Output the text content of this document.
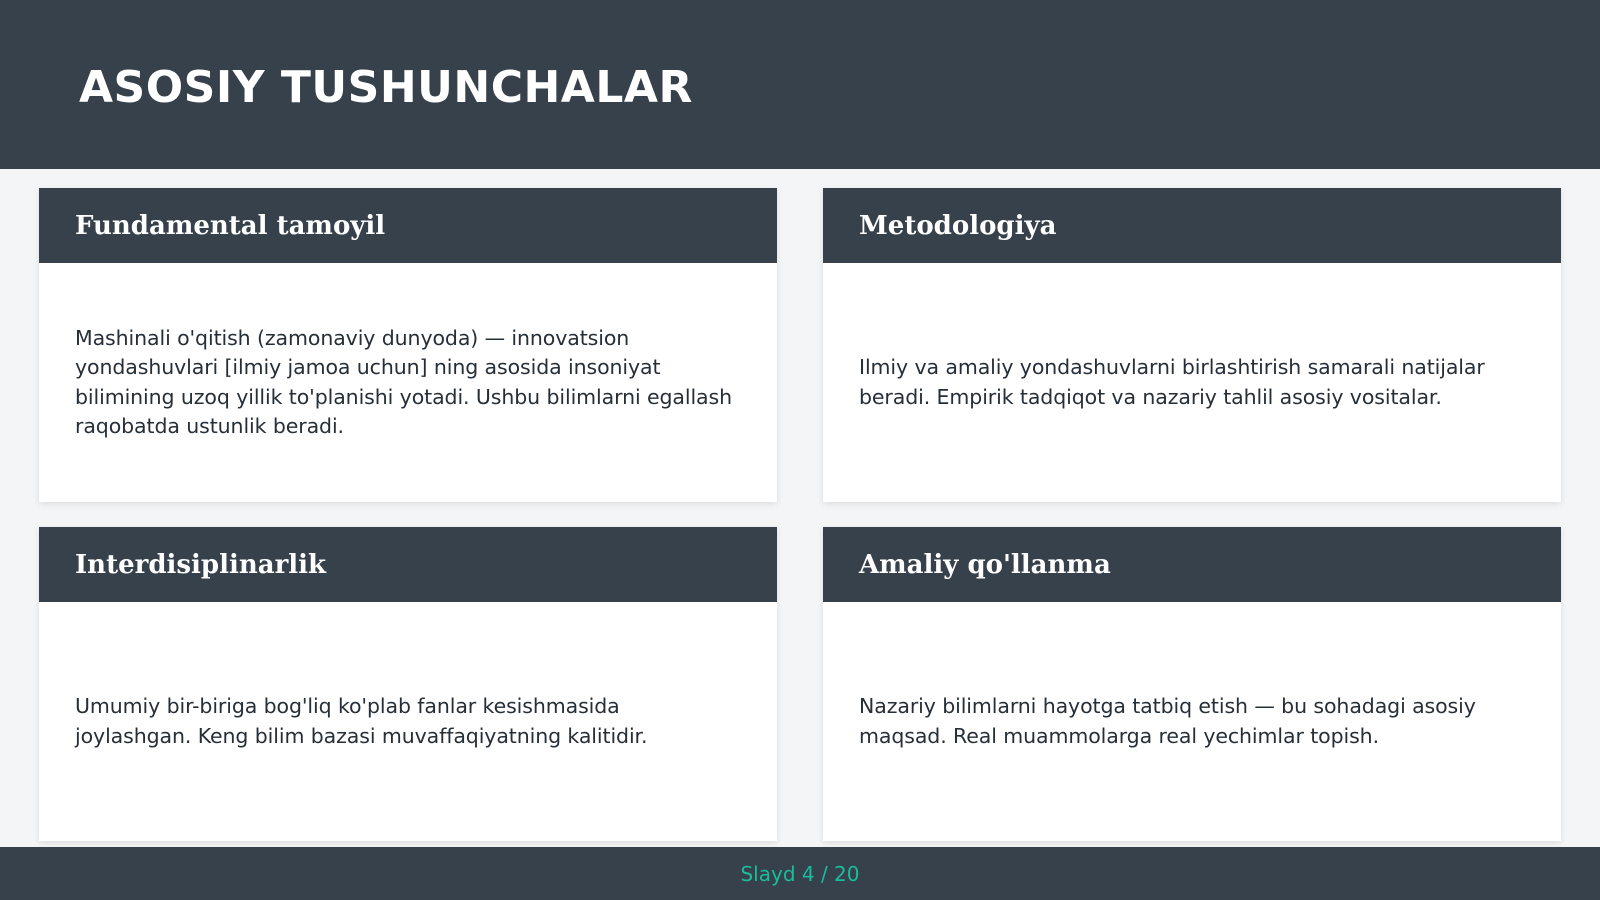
ASOSIY TUSHUNCHALAR
Fundamental tamoyil

Mashinali o'qitish (zamonaviy dunyoda) — innovatsion yondashuvlari [ilmiy jamoa uchun] ning asosida insoniyat bilimining uzoq yillik to'planishi yotadi. Ushbu bilimlarni egallash raqobatda ustunlik beradi.

Metodologiya

Ilmiy va amaliy yondashuvlarni birlashtirish samarali natijalar beradi. Empirik tadqiqot va nazariy tahlil asosiy vositalar.

Interdisiplinarlik

Umumiy bir-biriga bog'liq ko'plab fanlar kesishmasida joylashgan. Keng bilim bazasi muvaffaqiyatning kalitidir.

Amaliy qo'llanma

Nazariy bilimlarni hayotga tatbiq etish — bu sohadagi asosiy maqsad. Real muammolarga real yechimlar topish.

Slayd 4 / 20
